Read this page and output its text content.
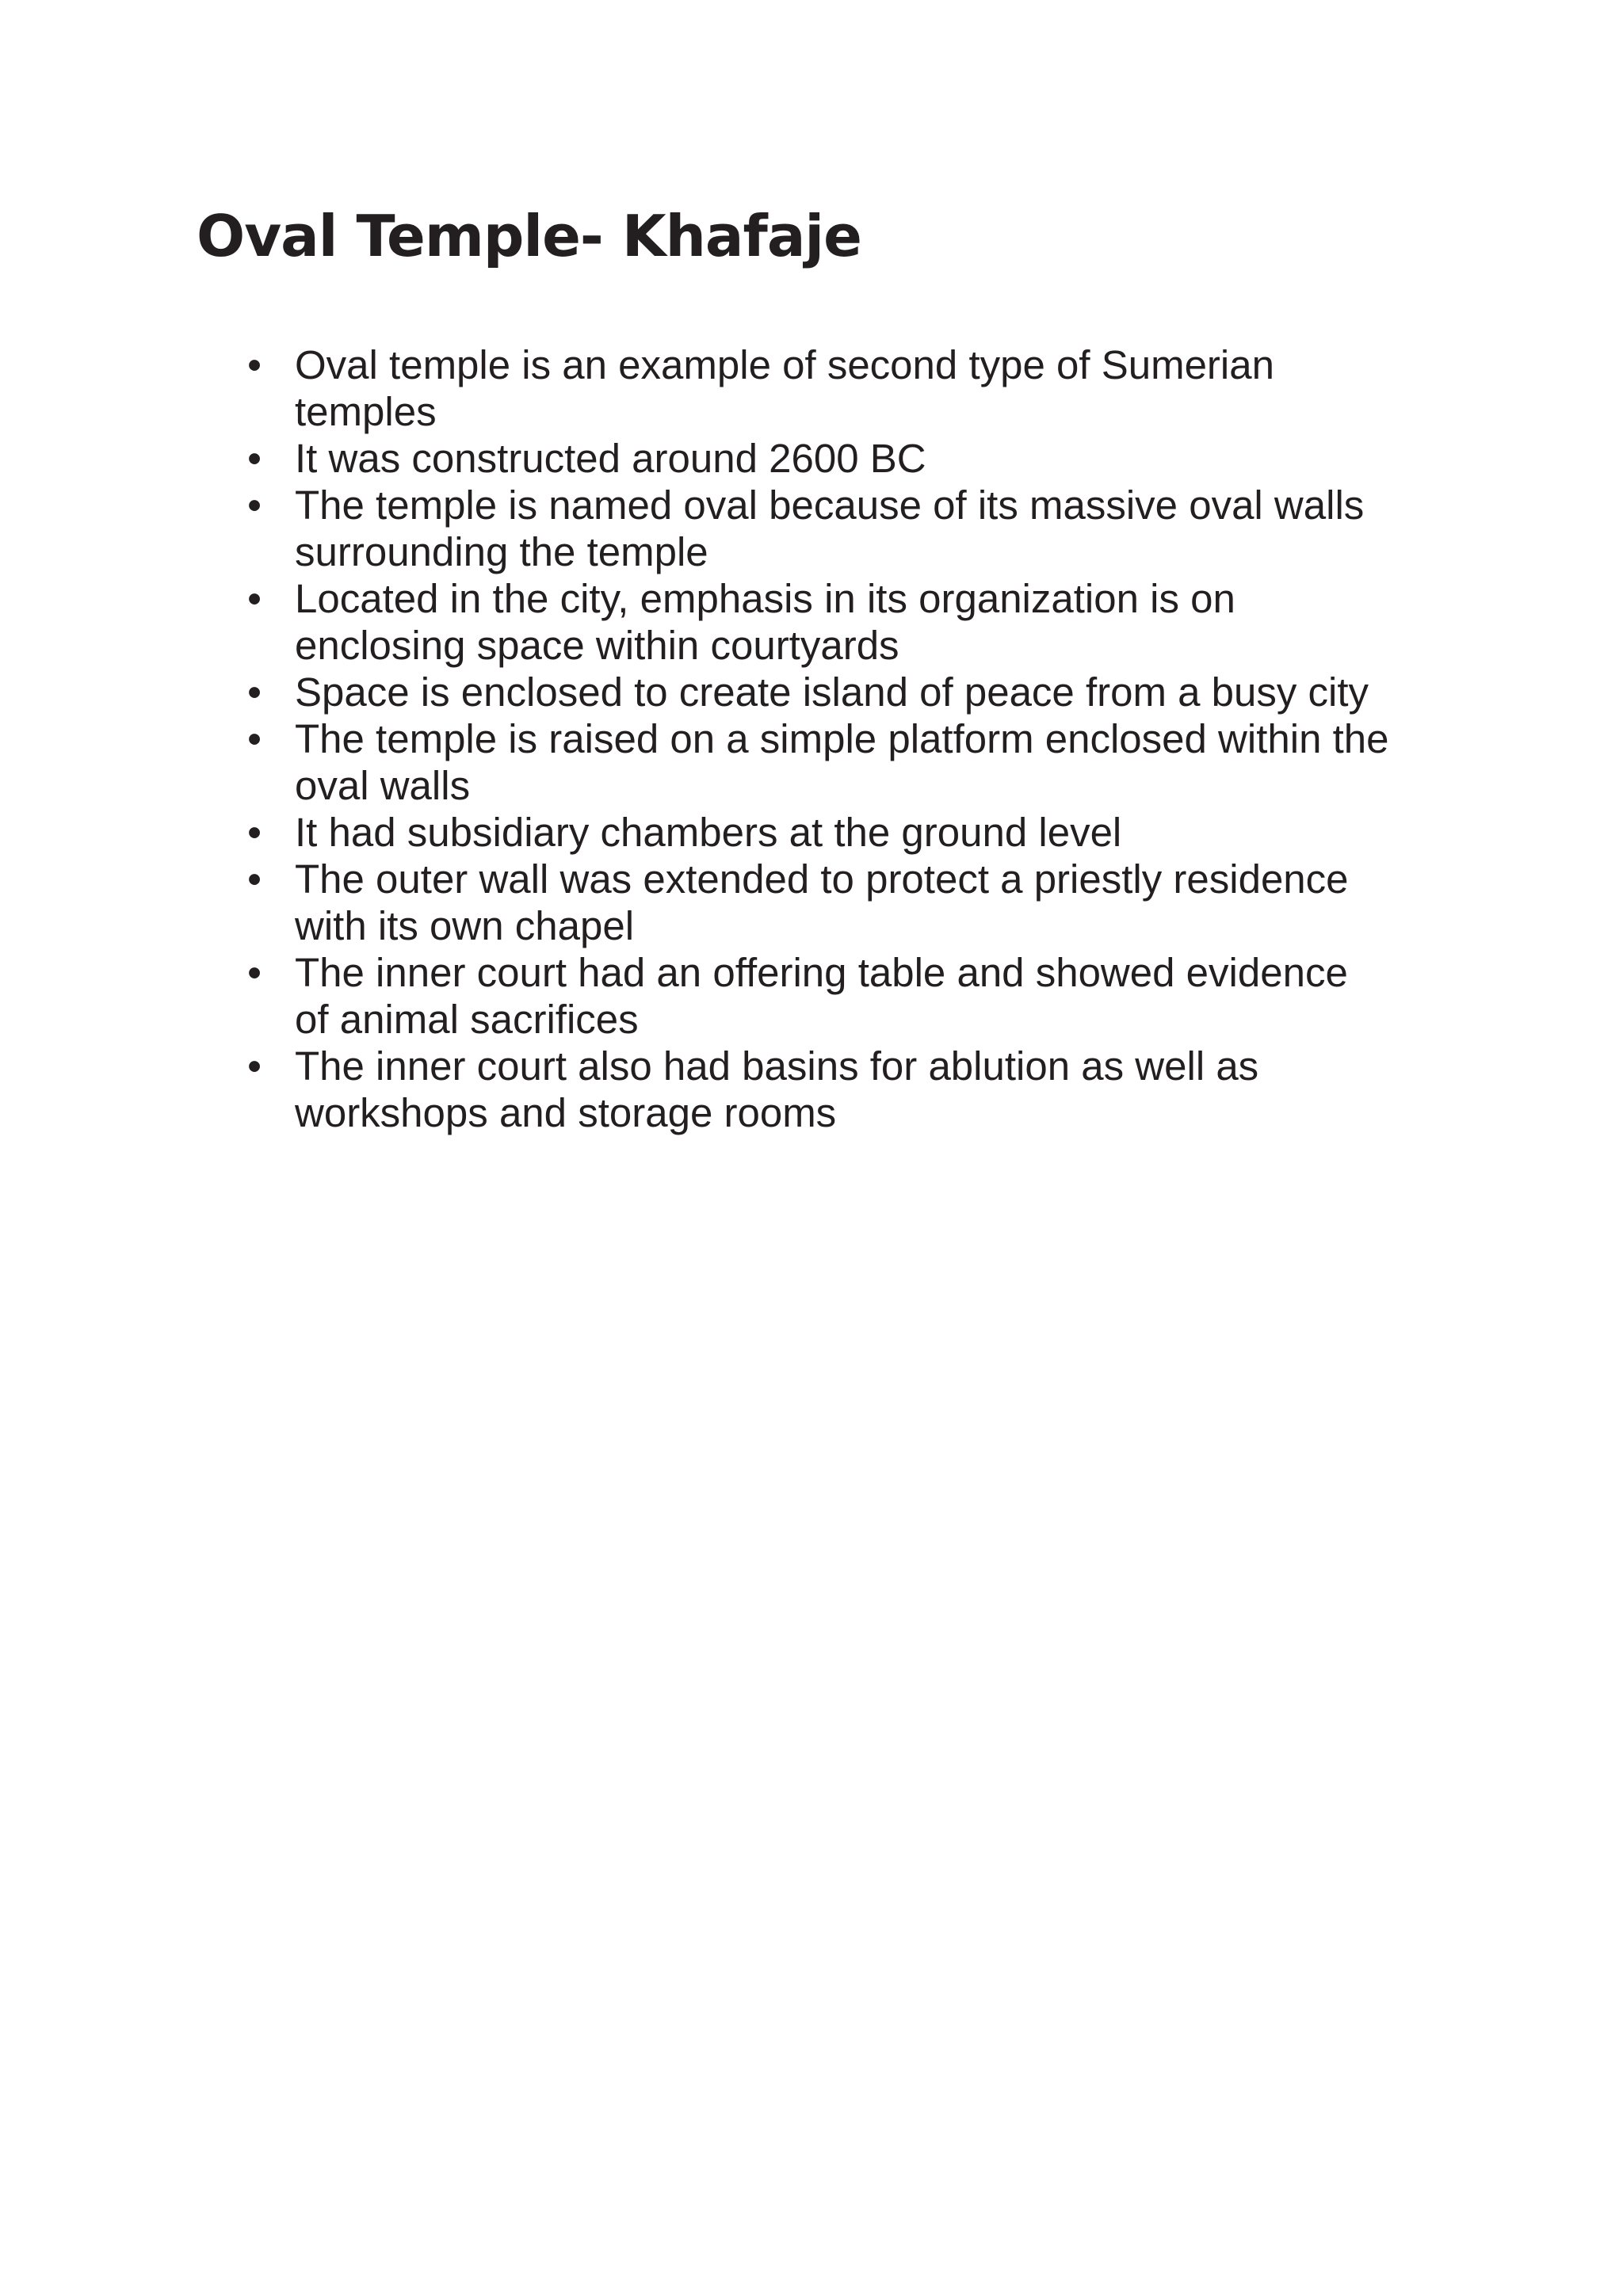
Oval Temple- Khafaje
• Oval temple is an example of second type of Sumerian
temples
• It was constructed around 2600 BC
• The temple is named oval because of its massive oval walls
surrounding the temple
• Located in the city, emphasis in its organization is on
enclosing space within courtyards
• Space is enclosed to create island of peace from a busy city
• The temple is raised on a simple platform enclosed within the
oval walls
• It had subsidiary chambers at the ground level
• The outer wall was extended to protect a priestly residence
with its own chapel
• The inner court had an offering table and showed evidence
of animal sacrifices
• The inner court also had basins for ablution as well as
workshops and storage rooms
